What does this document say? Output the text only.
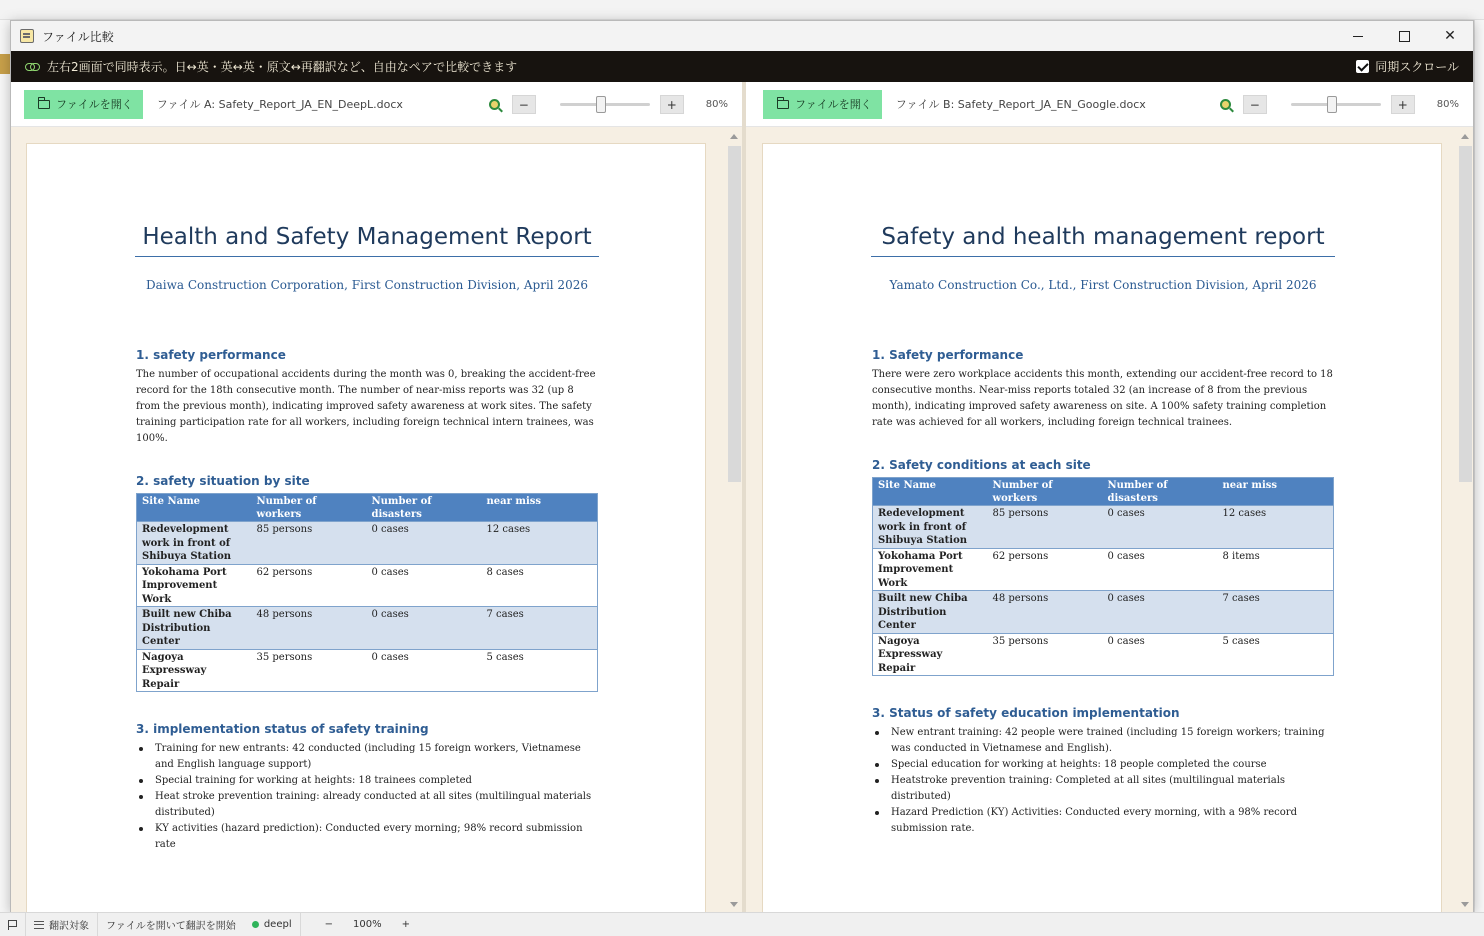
ファイル比較	✕
左右2画面で同時表示。日↔英・英↔英・原文↔再翻訳など、自由なペアで比較できます	同期スクロール
ファイルを開く ファイル A: Safety_Report_JA_EN_DeepL.docx	−	+	80%
Health and Safety Management Report
Daiwa Construction Corporation, First Construction Division, April 2026
1. safety performance
The number of occupational accidents during the month was 0, breaking the accident-free record for the 18th consecutive month. The number of near-miss reports was 32 (up 8 from the previous month), indicating improved safety awareness at work sites. The safety training participation rate for all workers, including foreign technical intern trainees, was 100%.
2. safety situation by site
Site Name	Number of workers	Number of disasters	near miss
Redevelopment work in front of Shibuya Station	85 persons	0 cases	12 cases
Yokohama Port Improvement Work	62 persons	0 cases	8 cases
Built new Chiba Distribution Center	48 persons	0 cases	7 cases
Nagoya Expressway Repair	35 persons	0 cases	5 cases
3. implementation status of safety training
Training for new entrants: 42 conducted (including 15 foreign workers, Vietnamese and English language support)
Special training for working at heights: 18 trainees completed
Heat stroke prevention training: already conducted at all sites (multilingual materials distributed)
KY activities (hazard prediction): Conducted every morning; 98% record submission rate
ファイルを開く ファイル B: Safety_Report_JA_EN_Google.docx	−	+	80%
Safety and health management report
Yamato Construction Co., Ltd., First Construction Division, April 2026
1. Safety performance
There were zero workplace accidents this month, extending our accident-free record to 18 consecutive months. Near-miss reports totaled 32 (an increase of 8 from the previous month), indicating improved safety awareness on site. A 100% safety training completion rate was achieved for all workers, including foreign technical trainees.
2. Safety conditions at each site
Site Name	Number of workers	Number of disasters	near miss
Redevelopment work in front of Shibuya Station	85 persons	0 cases	12 cases
Yokohama Port Improvement Work	62 persons	0 cases	8 items
Built new Chiba Distribution Center	48 persons	0 cases	7 cases
Nagoya Expressway Repair	35 persons	0 cases	5 cases
3. Status of safety education implementation
New entrant training: 42 people were trained (including 15 foreign workers; training was conducted in Vietnamese and English).
Special education for working at heights: 18 people completed the course
Heatstroke prevention training: Completed at all sites (multilingual materials distributed)
Hazard Prediction (KY) Activities: Conducted every morning, with a 98% record submission rate.
翻訳対象 ファイルを開いて翻訳を開始	deepl	− 100% +
